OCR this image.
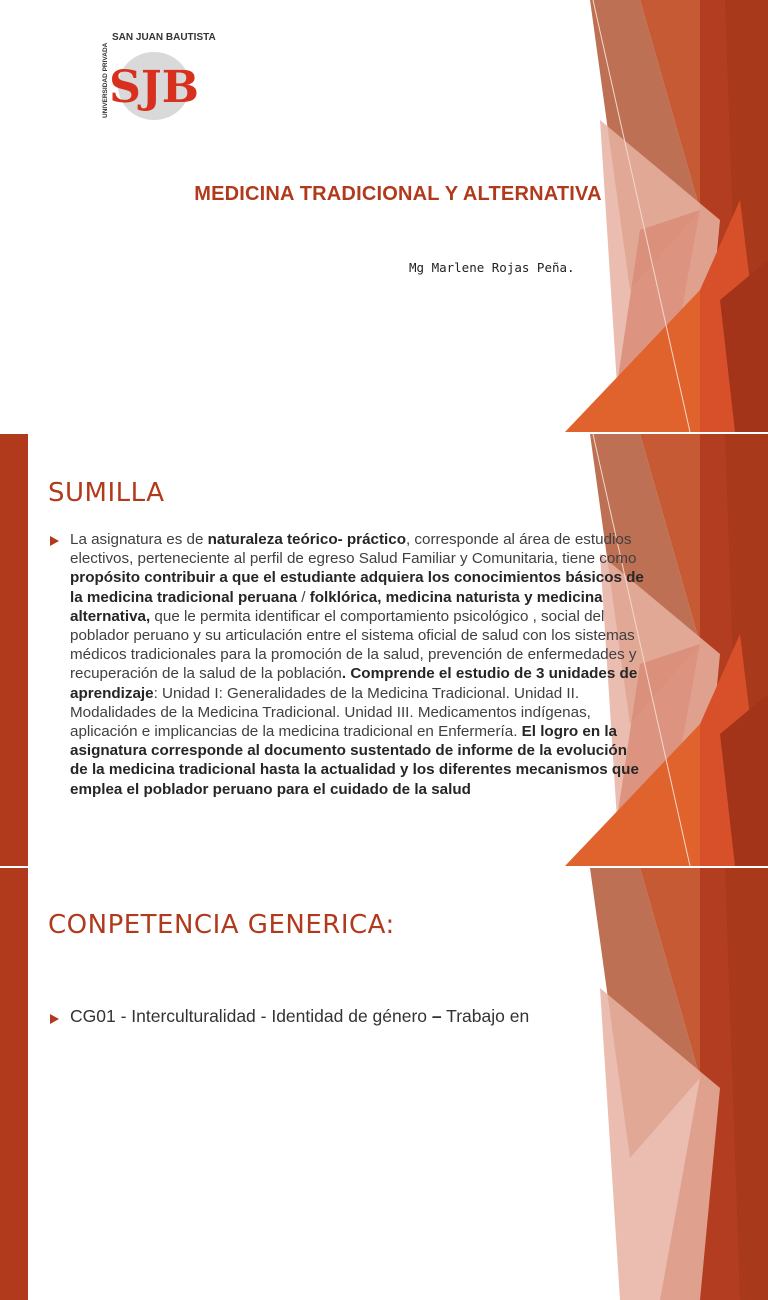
SAN JUAN BAUTISTA
UNIVERSIDAD PRIVADA SJB
MEDICINA TRADICIONAL Y ALTERNATIVA
Mg Marlene Rojas Peña.
SUMILLA
La asignatura es de naturaleza teórico- práctico, corresponde al área de estudios electivos, perteneciente al perfil de egreso Salud Familiar y Comunitaria, tiene como propósito contribuir a que el estudiante adquiera los conocimientos básicos de la medicina tradicional peruana / folklórica, medicina naturista y medicina alternativa, que le permita identificar el comportamiento psicológico , social del poblador peruano y su articulación entre el sistema oficial de salud con los sistemas médicos tradicionales para la promoción de la salud, prevención de enfermedades y recuperación de la salud de la población. Comprende el estudio de 3 unidades de aprendizaje: Unidad I: Generalidades de la Medicina Tradicional. Unidad II. Modalidades de la Medicina Tradicional. Unidad III. Medicamentos indígenas, aplicación e implicancias de la medicina tradicional en Enfermería. El logro en la asignatura corresponde al documento sustentado de informe de la evolución de la medicina tradicional hasta la actualidad y los diferentes mecanismos que emplea el poblador peruano para el cuidado de la salud
CONPETENCIA GENERICA:
CG01 - Interculturalidad - Identidad de género – Trabajo en
